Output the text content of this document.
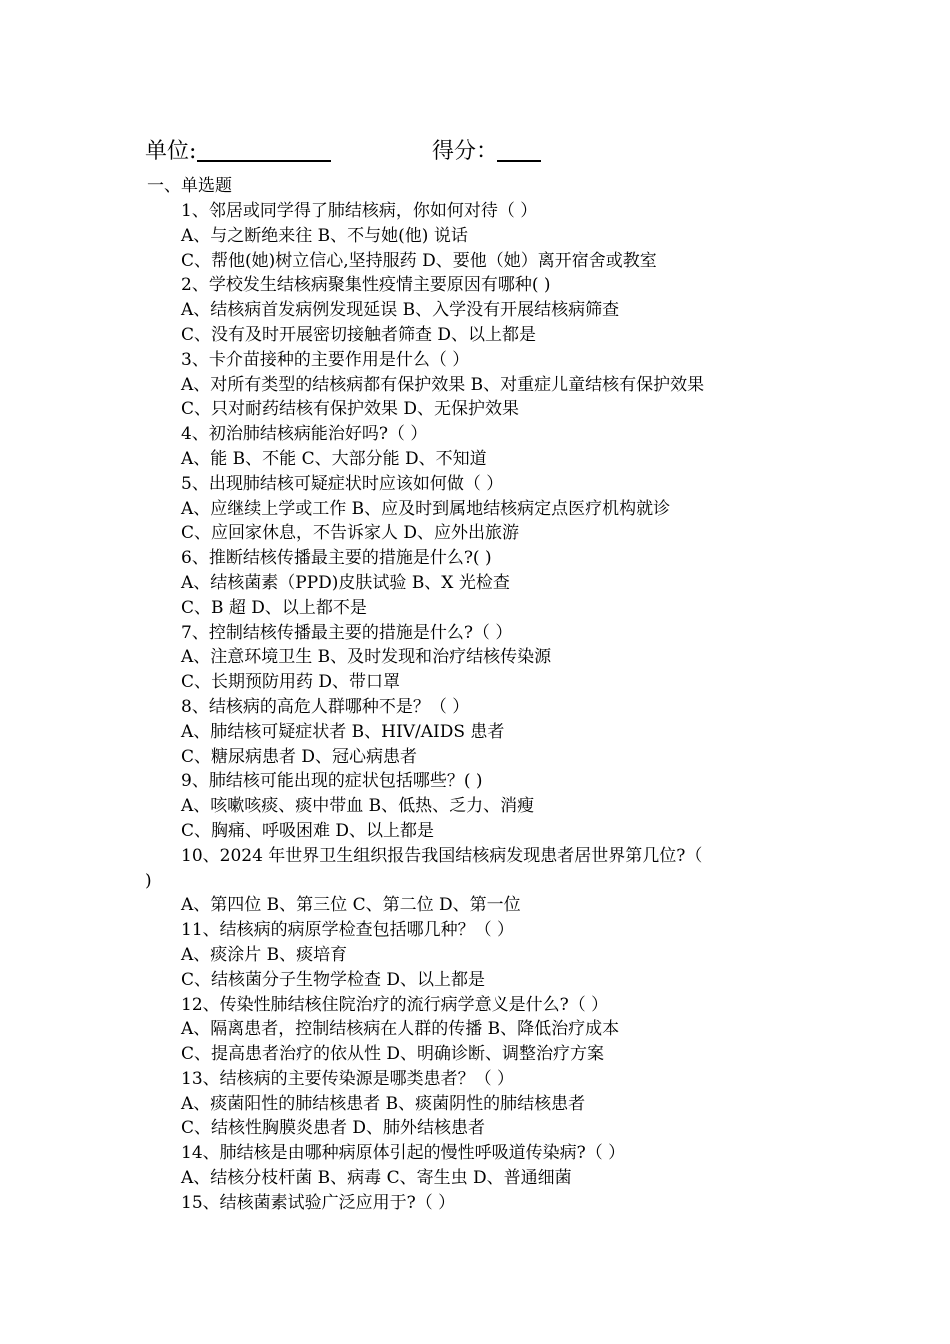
单位:	得分：
一、单选题
1、邻居或同学得了肺结核病，你如何对待（ ）
A、与之断绝来往 B、不与她(他) 说话
C、帮他(她)树立信心,坚持服药 D、要他（她）离开宿舍或教室
2、学校发生结核病聚集性疫情主要原因有哪种( )
A、结核病首发病例发现延误 B、入学没有开展结核病筛查
C、没有及时开展密切接触者筛查 D、以上都是
3、卡介苗接种的主要作用是什么（ ）
A、对所有类型的结核病都有保护效果 B、对重症儿童结核有保护效果
C、只对耐药结核有保护效果 D、无保护效果
4、初治肺结核病能治好吗?（ ）
A、能 B、不能 C、大部分能 D、不知道
5、出现肺结核可疑症状时应该如何做（ ）
A、应继续上学或工作 B、应及时到属地结核病定点医疗机构就诊
C、应回家休息，不告诉家人 D、应外出旅游
6、推断结核传播最主要的措施是什么?( )
A、结核菌素（PPD)皮肤试验 B、X 光检查
C、B 超 D、以上都不是
7、控制结核传播最主要的措施是什么?（ ）
A、注意环境卫生 B、及时发现和治疗结核传染源
C、长期预防用药 D、带口罩
8、结核病的高危人群哪种不是？（ ）
A、肺结核可疑症状者 B、HIV/AIDS 患者
C、糖尿病患者 D、冠心病患者
9、肺结核可能出现的症状包括哪些？( )
A、咳嗽咳痰、痰中带血 B、低热、乏力、消瘦
C、胸痛、呼吸困难 D、以上都是
10、2024 年世界卫生组织报告我国结核病发现患者居世界第几位?（
)
A、第四位 B、第三位 C、第二位 D、第一位
11、结核病的病原学检查包括哪几种？（ ）
A、痰涂片 B、痰培育
C、结核菌分子生物学检查 D、以上都是
12、传染性肺结核住院治疗的流行病学意义是什么?（ ）
A、隔离患者，控制结核病在人群的传播 B、降低治疗成本
C、提高患者治疗的依从性 D、明确诊断、调整治疗方案
13、结核病的主要传染源是哪类患者？（ ）
A、痰菌阳性的肺结核患者 B、痰菌阴性的肺结核患者
C、结核性胸膜炎患者 D、肺外结核患者
14、肺结核是由哪种病原体引起的慢性呼吸道传染病?（ ）
A、结核分枝杆菌 B、病毒 C、寄生虫 D、普通细菌
15、结核菌素试验广泛应用于?（ ）
